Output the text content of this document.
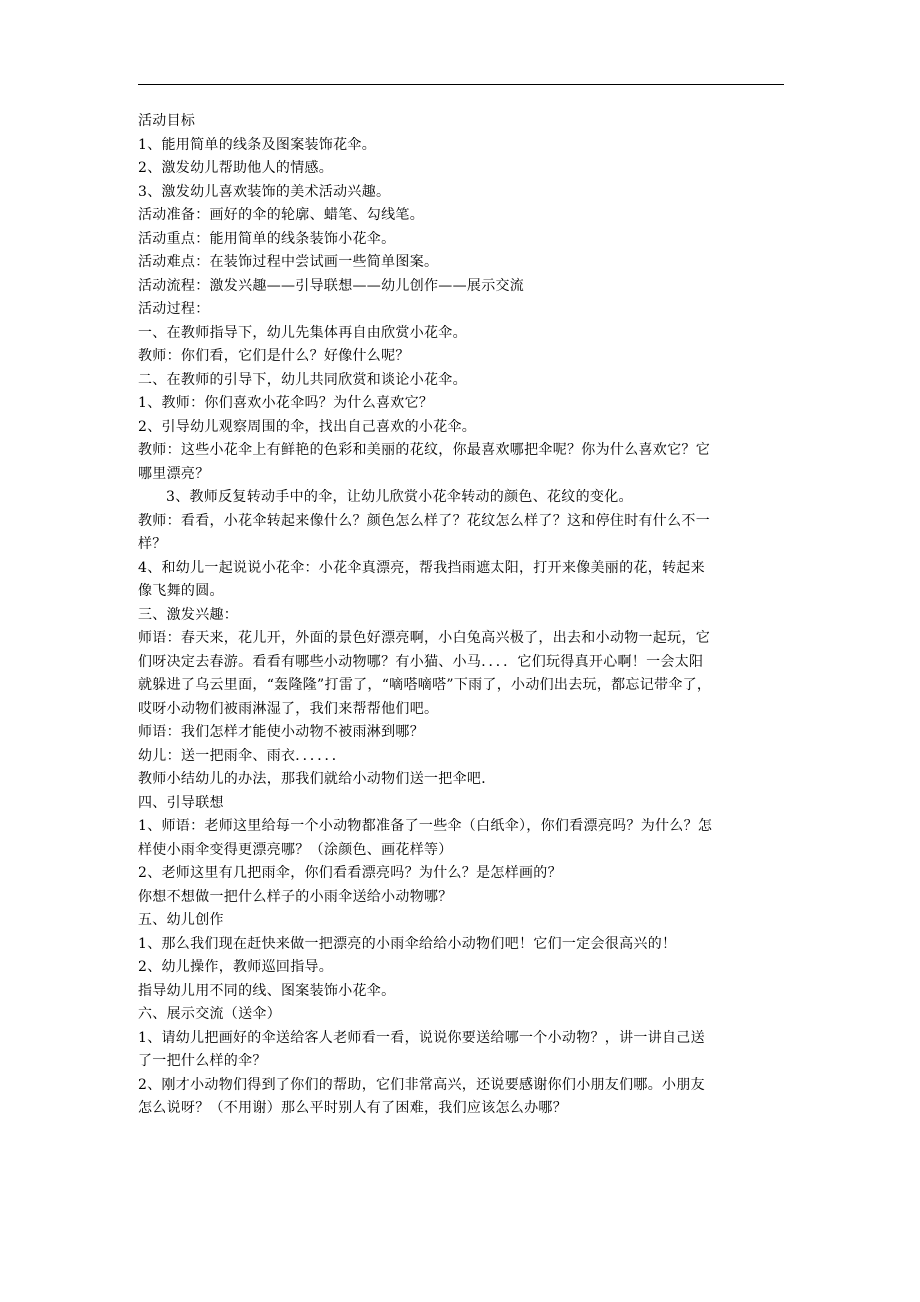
活动目标

1、能用简单的线条及图案装饰花伞。

2、激发幼儿帮助他人的情感。

3、激发幼儿喜欢装饰的美术活动兴趣。

活动准备：画好的伞的轮廓、蜡笔、勾线笔。

活动重点：能用简单的线条装饰小花伞。

活动难点：在装饰过程中尝试画一些简单图案。

活动流程：激发兴趣——引导联想——幼儿创作——展示交流

活动过程：

一、在教师指导下，幼儿先集体再自由欣赏小花伞。

教师：你们看，它们是什么？好像什么呢？

二、在教师的引导下，幼儿共同欣赏和谈论小花伞。

1、教师：你们喜欢小花伞吗？为什么喜欢它？

2、引导幼儿观察周围的伞，找出自己喜欢的小花伞。

教师：这些小花伞上有鲜艳的色彩和美丽的花纹，你最喜欢哪把伞呢？你为什么喜欢它？它

哪里漂亮？

3、教师反复转动手中的伞，让幼儿欣赏小花伞转动的颜色、花纹的变化。

教师：看看，小花伞转起来像什么？颜色怎么样了？花纹怎么样了？这和停住时有什么不一

样？

4、和幼儿一起说说小花伞：小花伞真漂亮，帮我挡雨遮太阳，打开来像美丽的花，转起来

像飞舞的圆。

三、激发兴趣：

师语：春天来，花儿开，外面的景色好漂亮啊，小白兔高兴极了，出去和小动物一起玩，它

们呀决定去春游。看看有哪些小动物哪？有小猫、小马．．．．它们玩得真开心啊！一会太阳

就躲进了乌云里面，“轰隆隆”打雷了，“嘀嗒嘀嗒”下雨了，小动们出去玩，都忘记带伞了，

哎呀小动物们被雨淋湿了，我们来帮帮他们吧。

师语：我们怎样才能使小动物不被雨淋到哪？

幼儿：送一把雨伞、雨衣．．．．．．

教师小结幼儿的办法，那我们就给小动物们送一把伞吧．

四、引导联想

1、师语：老师这里给每一个小动物都准备了一些伞（白纸伞），你们看漂亮吗？为什么？怎

样使小雨伞变得更漂亮哪？（涂颜色、画花样等）

2、老师这里有几把雨伞，你们看看漂亮吗？为什么？是怎样画的？

你想不想做一把什么样子的小雨伞送给小动物哪？

五、幼儿创作

1、那么我们现在赶快来做一把漂亮的小雨伞给给小动物们吧！它们一定会很高兴的！

2、幼儿操作，教师巡回指导。

指导幼儿用不同的线、图案装饰小花伞。

六、展示交流（送伞）

1、请幼儿把画好的伞送给客人老师看一看，说说你要送给哪一个小动物？，讲一讲自己送

了一把什么样的伞？

2、刚才小动物们得到了你们的帮助，它们非常高兴，还说要感谢你们小朋友们哪。小朋友

怎么说呀？（不用谢）那么平时别人有了困难，我们应该怎么办哪？
